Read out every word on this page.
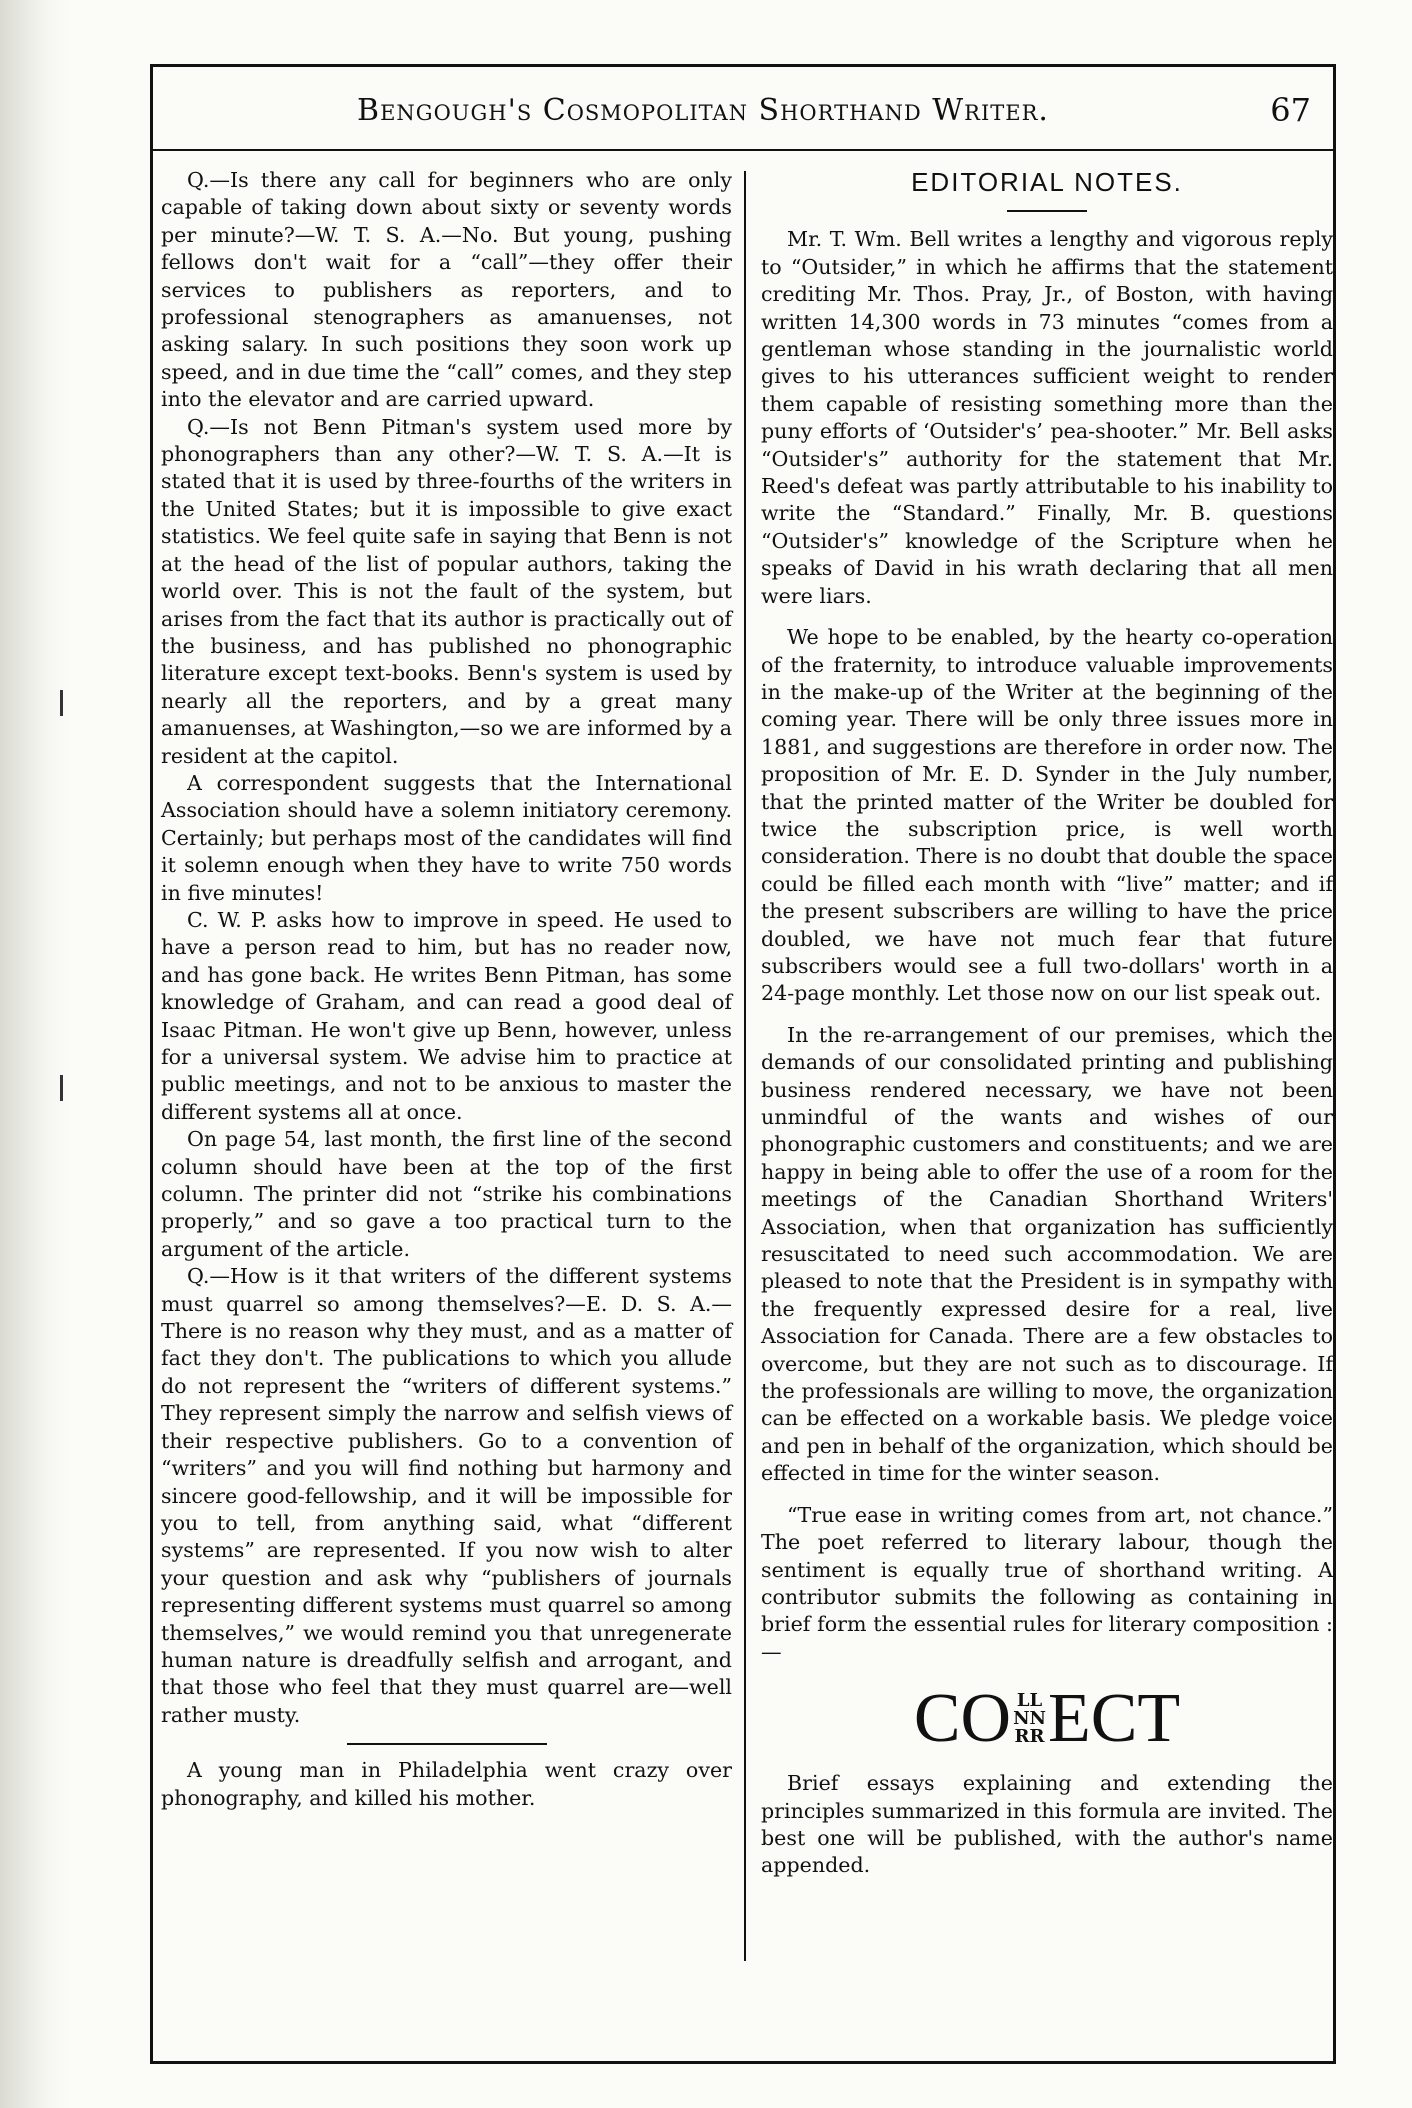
Bengough's Cosmopolitan Shorthand Writer.	67

Q.—Is there any call for beginners who are only capable of taking down about sixty or seventy words per minute?—W. T. S. A.—No. But young, pushing fellows don't wait for a “call”—they offer their services to publishers as reporters, and to professional stenographers as amanuenses, not asking salary. In such positions they soon work up speed, and in due time the “call” comes, and they step into the elevator and are carried upward.

Q.—Is not Benn Pitman's system used more by phonographers than any other?—W. T. S. A.—It is stated that it is used by three-fourths of the writers in the United States; but it is impossible to give exact statistics. We feel quite safe in saying that Benn is not at the head of the list of popular authors, taking the world over. This is not the fault of the system, but arises from the fact that its author is practically out of the business, and has published no phonographic literature except text-books. Benn's system is used by nearly all the reporters, and by a great many amanuenses, at Washington,—so we are informed by a resident at the capitol.

A correspondent suggests that the International Association should have a solemn initiatory ceremony. Certainly; but perhaps most of the candidates will find it solemn enough when they have to write 750 words in five minutes!

C. W. P. asks how to improve in speed. He used to have a person read to him, but has no reader now, and has gone back. He writes Benn Pitman, has some knowledge of Graham, and can read a good deal of Isaac Pitman. He won't give up Benn, however, unless for a universal system. We advise him to practice at public meetings, and not to be anxious to master the different systems all at once.

On page 54, last month, the first line of the second column should have been at the top of the first column. The printer did not “strike his combinations properly,” and so gave a too practical turn to the argument of the article.

Q.—How is it that writers of the different systems must quarrel so among themselves?—E. D. S. A.—There is no reason why they must, and as a matter of fact they don't. The publications to which you allude do not represent the “writers of different systems.” They represent simply the narrow and selfish views of their respective publishers. Go to a convention of “writers” and you will find nothing but harmony and sincere good-fellowship, and it will be impossible for you to tell, from anything said, what “different systems” are represented. If you now wish to alter your question and ask why “publishers of journals representing different systems must quarrel so among themselves,” we would remind you that unregenerate human nature is dreadfully selfish and arrogant, and that those who feel that they must quarrel are—well rather musty.

A young man in Philadelphia went crazy over phonography, and killed his mother.

EDITORIAL NOTES.

Mr. T. Wm. Bell writes a lengthy and vigorous reply to “Outsider,” in which he affirms that the statement crediting Mr. Thos. Pray, Jr., of Boston, with having written 14,300 words in 73 minutes “comes from a gentleman whose standing in the journalistic world gives to his utterances sufficient weight to render them capable of resisting something more than the puny efforts of ‘Outsider's’ pea-shooter.” Mr. Bell asks “Outsider's” authority for the statement that Mr. Reed's defeat was partly attributable to his inability to write the “Standard.” Finally, Mr. B. questions “Outsider's” knowledge of the Scripture when he speaks of David in his wrath declaring that all men were liars.

We hope to be enabled, by the hearty co-operation of the fraternity, to introduce valuable improvements in the make-up of the Writer at the beginning of the coming year. There will be only three issues more in 1881, and suggestions are therefore in order now. The proposition of Mr. E. D. Synder in the July number, that the printed matter of the Writer be doubled for twice the subscription price, is well worth consideration. There is no doubt that double the space could be filled each month with “live” matter; and if the present subscribers are willing to have the price doubled, we have not much fear that future subscribers would see a full two-dollars' worth in a 24-page monthly. Let those now on our list speak out.

In the re-arrangement of our premises, which the demands of our consolidated printing and publishing business rendered necessary, we have not been unmindful of the wants and wishes of our phonographic customers and constituents; and we are happy in being able to offer the use of a room for the meetings of the Canadian Shorthand Writers' Association, when that organization has sufficiently resuscitated to need such accommodation. We are pleased to note that the President is in sympathy with the frequently expressed desire for a real, live Association for Canada. There are a few obstacles to overcome, but they are not such as to discourage. If the professionals are willing to move, the organization can be effected on a workable basis. We pledge voice and pen in behalf of the organization, which should be effected in time for the winter season.

“True ease in writing comes from art, not chance.” The poet referred to literary labour, though the sentiment is equally true of shorthand writing. A contributor submits the following as containing in brief form the essential rules for literary composition :—

CO LL
NN
RR ECT

Brief essays explaining and extending the principles summarized in this formula are invited. The best one will be published, with the author's name appended.
